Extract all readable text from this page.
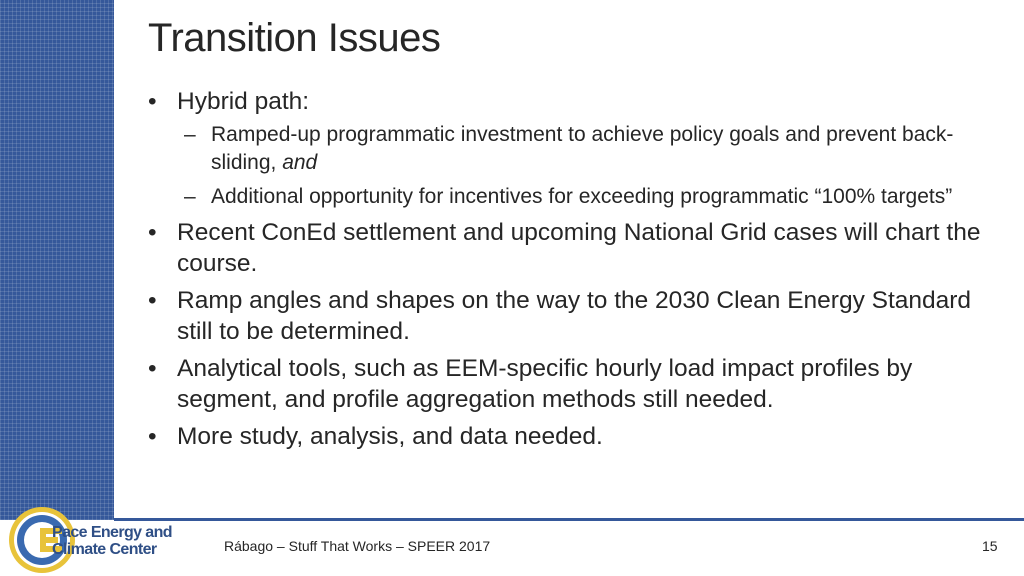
Transition Issues
• Hybrid path:
– Ramped-up programmatic investment to achieve policy goals and prevent back-sliding, and
– Additional opportunity for incentives for exceeding programmatic “100% targets”
• Recent ConEd settlement and upcoming National Grid cases will chart the course.
• Ramp angles and shapes on the way to the 2030 Clean Energy Standard still to be determined.
• Analytical tools, such as EEM-specific hourly load impact profiles by segment, and profile aggregation methods still needed.
• More study, analysis, and data needed.
Pace Energy and
Climate Center	Rábago – Stuff That Works – SPEER 2017	15
